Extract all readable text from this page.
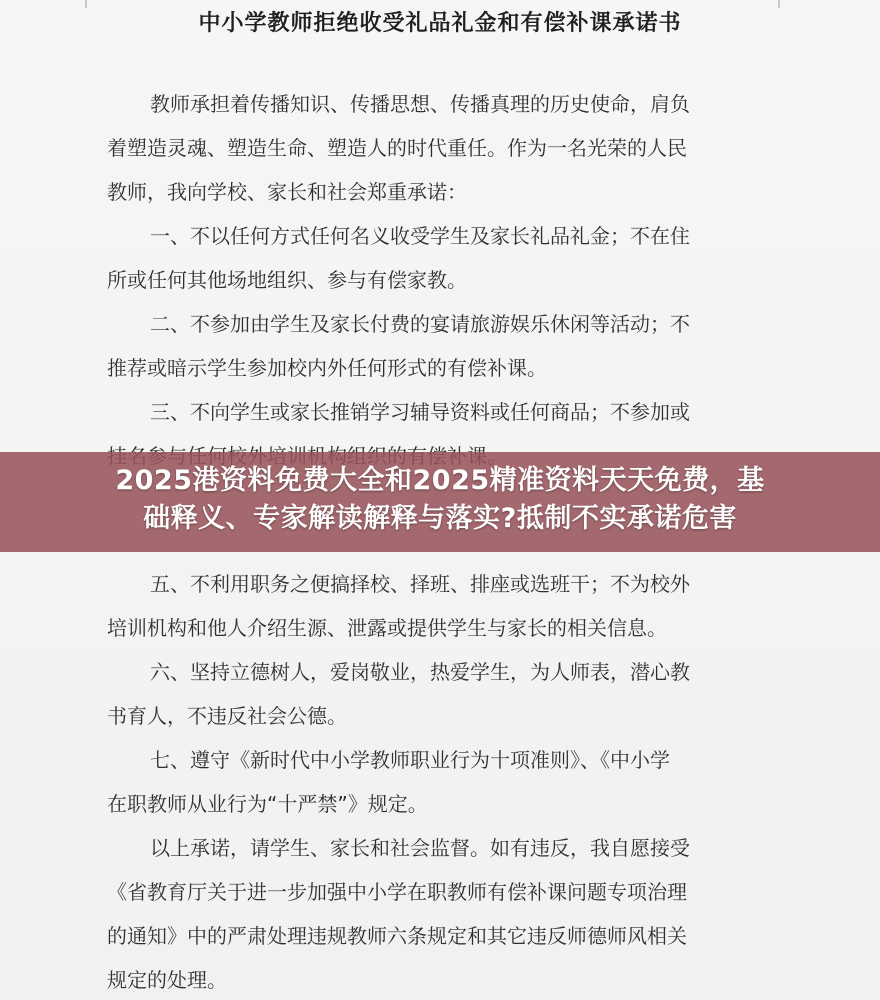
中小学教师拒绝收受礼品礼金和有偿补课承诺书
教师承担着传播知识、传播思想、传播真理的历史使命，肩负
着塑造灵魂、塑造生命、塑造人的时代重任。作为一名光荣的人民
教师，我向学校、家长和社会郑重承诺：
一、不以任何方式任何名义收受学生及家长礼品礼金；不在住
所或任何其他场地组织、参与有偿家教。
二、不参加由学生及家长付费的宴请旅游娱乐休闲等活动；不
推荐或暗示学生参加校内外任何形式的有偿补课。
三、不向学生或家长推销学习辅导资料或任何商品；不参加或
五、不利用职务之便搞择校、择班、排座或选班干；不为校外
培训机构和他人介绍生源、泄露或提供学生与家长的相关信息。
六、坚持立德树人，爱岗敬业，热爱学生，为人师表，潜心教
书育人，不违反社会公德。
七、遵守《新时代中小学教师职业行为十项准则》、《中小学
在职教师从业行为“十严禁”》规定。
以上承诺，请学生、家长和社会监督。如有违反，我自愿接受
《省教育厅关于进一步加强中小学在职教师有偿补课问题专项治理
的通知》中的严肃处理违规教师六条规定和其它违反师德师风相关
规定的处理。
2025港资料免费大全和2025精准资料天天免费，基
础释义、专家解读解释与落实?抵制不实承诺危害
